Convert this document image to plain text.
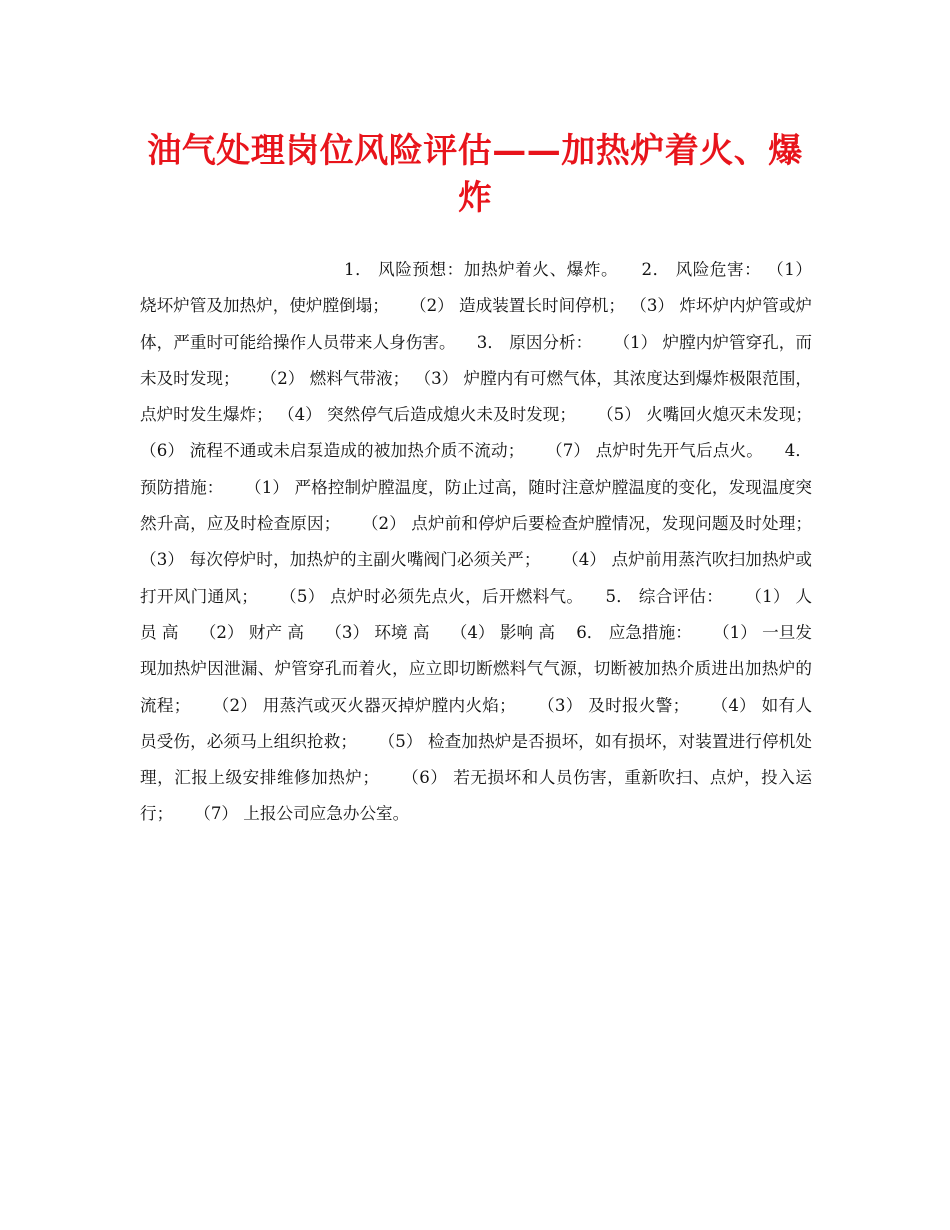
油气处理岗位风险评估——加热炉着火、爆炸

1． 风险预想：加热炉着火、爆炸。    2． 风险危害： （1） 烧坏炉管及加热炉，使炉膛倒塌；    （2） 造成装置长时间停机； （3） 炸坏炉内炉管或炉体，严重时可能给操作人员带来人身伤害。    3． 原因分析：    （1） 炉膛内炉管穿孔，而未及时发现；    （2） 燃料气带液； （3） 炉膛内有可燃气体，其浓度达到爆炸极限范围，点炉时发生爆炸； （4） 突然停气后造成熄火未及时发现；    （5） 火嘴回火熄灭未发现； （6） 流程不通或未启泵造成的被加热介质不流动；    （7） 点炉时先开气后点火。    4． 预防措施：    （1） 严格控制炉膛温度，防止过高，随时注意炉膛温度的变化，发现温度突然升高，应及时检查原因；    （2） 点炉前和停炉后要检查炉膛情况，发现问题及时处理；    （3） 每次停炉时，加热炉的主副火嘴阀门必须关严；    （4） 点炉前用蒸汽吹扫加热炉或打开风门通风；    （5） 点炉时必须先点火，后开燃料气。    5． 综合评估：    （1） 人员 高    （2） 财产 高    （3） 环境 高    （4） 影响 高    6． 应急措施：    （1） 一旦发现加热炉因泄漏、炉管穿孔而着火，应立即切断燃料气气源，切断被加热介质进出加热炉的流程；    （2） 用蒸汽或灭火器灭掉炉膛内火焰；    （3） 及时报火警；    （4） 如有人员受伤，必须马上组织抢救；    （5） 检查加热炉是否损坏，如有损坏，对装置进行停机处理，汇报上级安排维修加热炉；    （6） 若无损坏和人员伤害，重新吹扫、点炉，投入运行；    （7） 上报公司应急办公室。
